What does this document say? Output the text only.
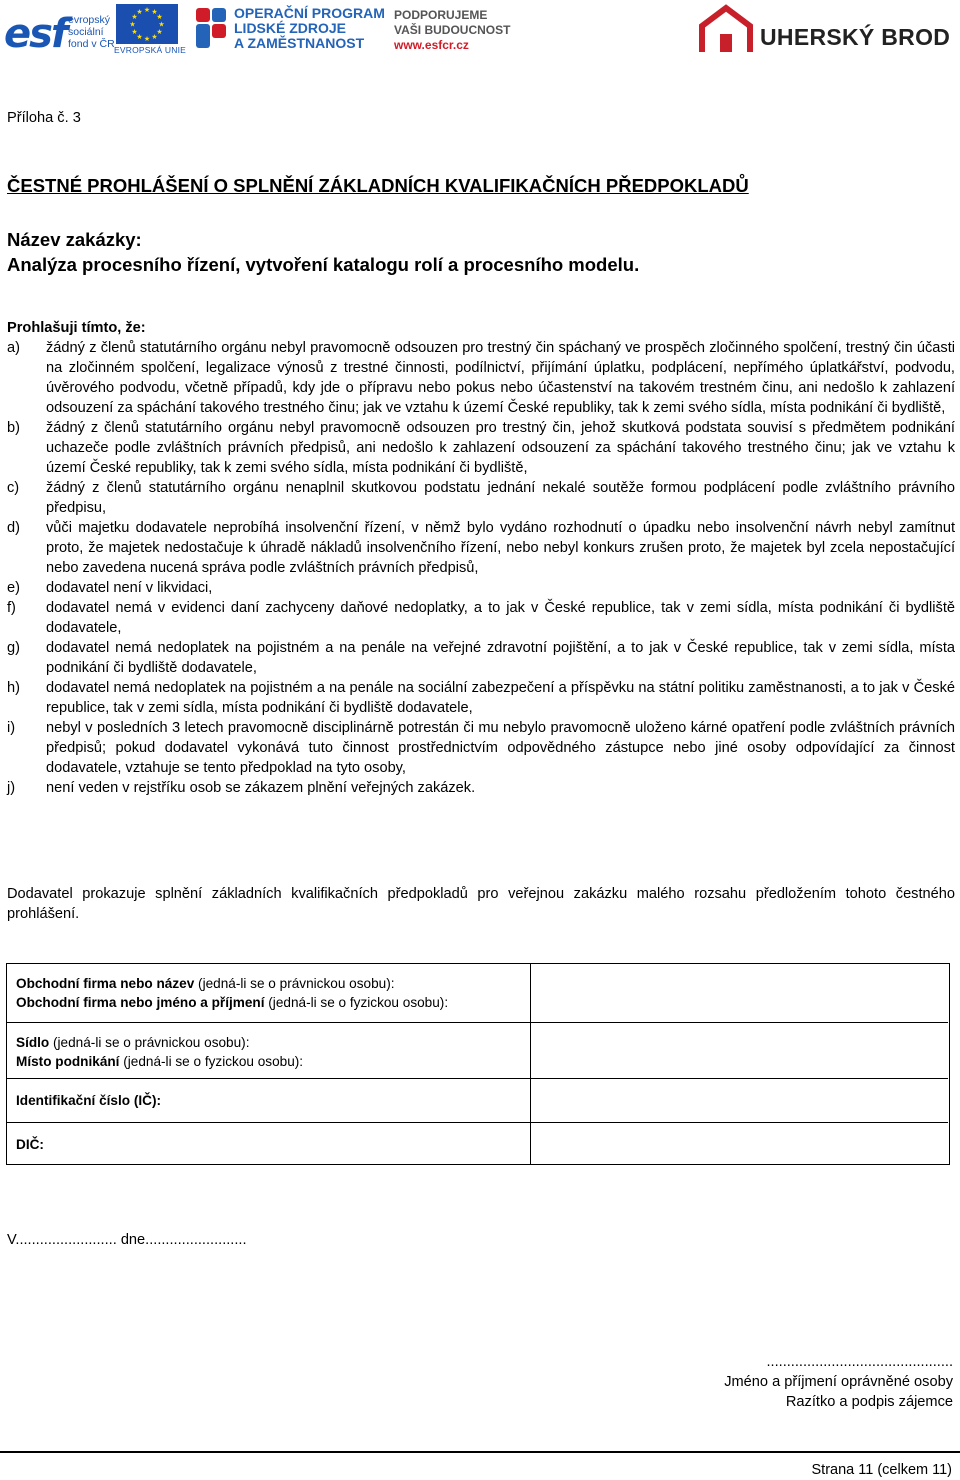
esf evropský
sociální
fond v ČR
★ ★
★
★
★
★
★
★
★
★
★
★
EVROPSKÁ UNIE
OPERAČNÍ PROGRAM
LIDSKÉ ZDROJE
A ZAMĚSTNANOST
PODPORUJEME
VAŠI BUDOUCNOST
www.esfcr.cz	UHERSKÝ BROD
Příloha č. 3
ČESTNÉ PROHLÁŠENÍ O SPLNĚNÍ ZÁKLADNÍCH KVALIFIKAČNÍCH PŘEDPOKLADŮ
Název zakázky:
Analýza procesního řízení, vytvoření katalogu rolí a procesního modelu.
Prohlašuji tímto, že:
a) žádný z členů statutárního orgánu nebyl pravomocně odsouzen pro trestný čin spáchaný ve prospěch zločinného spolčení, trestný čin účasti na zločinném spolčení, legalizace výnosů z trestné činnosti, podílnictví, přijímání úplatku, podplácení, nepřímého úplatkářství, podvodu, úvěrového podvodu, včetně případů, kdy jde o přípravu nebo pokus nebo účastenství na takovém trestném činu, ani nedošlo k zahlazení odsouzení za spáchání takového trestného činu; jak ve vztahu k území České republiky, tak k zemi svého sídla, místa podnikání či bydliště,
b) žádný z členů statutárního orgánu nebyl pravomocně odsouzen pro trestný čin, jehož skutková podstata souvisí s předmětem podnikání uchazeče podle zvláštních právních předpisů, ani nedošlo k zahlazení odsouzení za spáchání takového trestného činu; jak ve vztahu k území České republiky, tak k zemi svého sídla, místa podnikání či bydliště,
c) žádný z členů statutárního orgánu nenaplnil skutkovou podstatu jednání nekalé soutěže formou podplácení podle zvláštního právního předpisu,
d) vůči majetku dodavatele neprobíhá insolvenční řízení, v němž bylo vydáno rozhodnutí o úpadku nebo insolvenční návrh nebyl zamítnut proto, že majetek nedostačuje k úhradě nákladů insolvenčního řízení, nebo nebyl konkurs zrušen proto, že majetek byl zcela nepostačující nebo zavedena nucená správa podle zvláštních právních předpisů,
e) dodavatel není v likvidaci,
f) dodavatel nemá v evidenci daní zachyceny daňové nedoplatky, a to jak v České republice, tak v zemi sídla, místa podnikání či bydliště dodavatele,
g) dodavatel nemá nedoplatek na pojistném a na penále na veřejné zdravotní pojištění, a to jak v České republice, tak v zemi sídla, místa podnikání či bydliště dodavatele,
h) dodavatel nemá nedoplatek na pojistném a na penále na sociální zabezpečení a příspěvku na státní politiku zaměstnanosti, a to jak v České republice, tak v zemi sídla, místa podnikání či bydliště dodavatele,
i) nebyl v posledních 3 letech pravomocně disciplinárně potrestán či mu nebylo pravomocně uloženo kárné opatření podle zvláštních právních předpisů; pokud dodavatel vykonává tuto činnost prostřednictvím odpovědného zástupce nebo jiné osoby odpovídající za činnost dodavatele, vztahuje se tento předpoklad na tyto osoby,
j) není veden v rejstříku osob se zákazem plnění veřejných zakázek.
Dodavatel prokazuje splnění základních kvalifikačních předpokladů pro veřejnou zakázku malého rozsahu předložením tohoto čestného prohlášení.
V......................... dne.........................
..............................................
Jméno a příjmení oprávněné osoby
Razítko a podpis zájemce
Obchodní firma nebo název (jedná-li se o právnickou osobu):
Obchodní firma nebo jméno a příjmení (jedná-li se o fyzickou osobu):
Sídlo (jedná-li se o právnickou osobu):
Místo podnikání (jedná-li se o fyzickou osobu):
Identifikační číslo (IČ):
DIČ:
Strana 11 (celkem 11)
